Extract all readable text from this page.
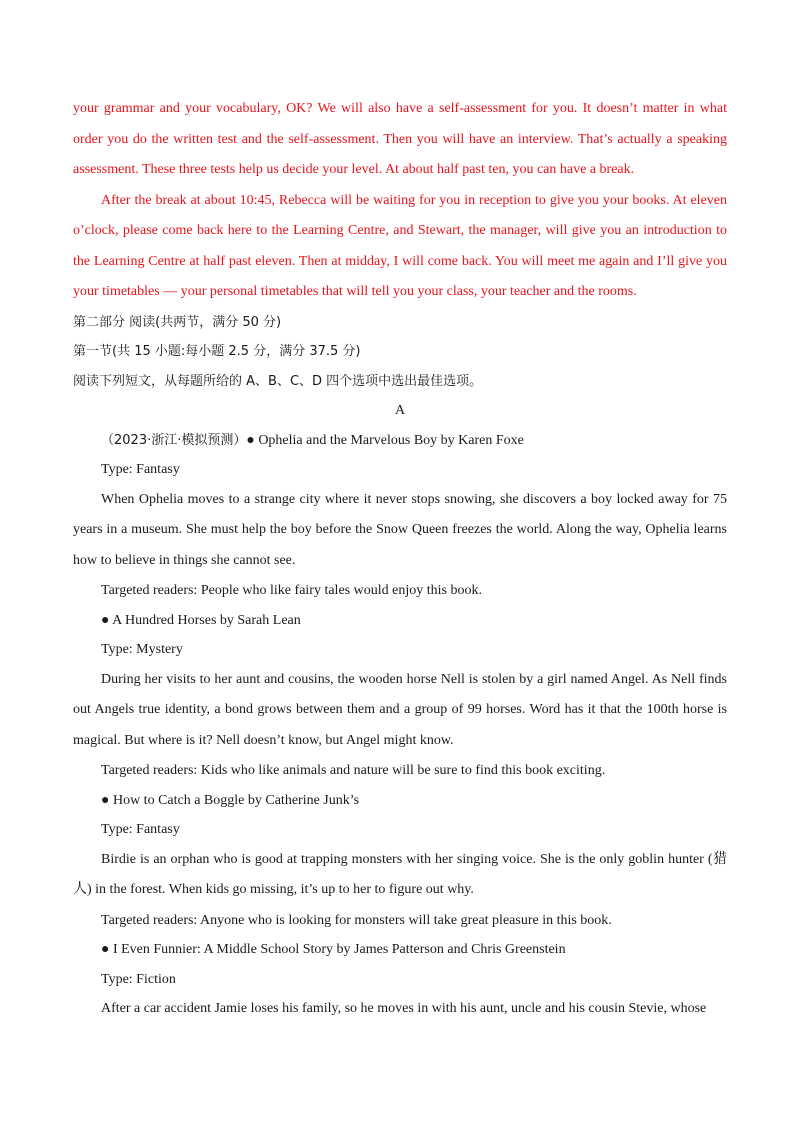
your grammar and your vocabulary, OK? We will also have a self-assessment for you. It doesn’t matter in what order you do the written test and the self-assessment. Then you will have an interview. That’s actually a speaking assessment. These three tests help us decide your level. At about half past ten, you can have a break.

After the break at about 10:45, Rebecca will be waiting for you in reception to give you your books. At eleven o’clock, please come back here to the Learning Centre, and Stewart, the manager, will give you an introduction to the Learning Centre at half past eleven. Then at midday, I will come back. You will meet me again and I’ll give you your timetables — your personal timetables that will tell you your class, your teacher and the rooms.

第二部分 阅读(共两节，满分 50 分)

第一节(共 15 小题:每小题 2.5 分，满分 37.5 分)

阅读下列短文，从每题所给的 A、B、C、D 四个选项中选出最佳选项。

A

（2023·浙江·模拟预测）● Ophelia and the Marvelous Boy by Karen Foxe

Type: Fantasy

When Ophelia moves to a strange city where it never stops snowing, she discovers a boy locked away for 75 years in a museum. She must help the boy before the Snow Queen freezes the world. Along the way, Ophelia learns how to believe in things she cannot see.

Targeted readers: People who like fairy tales would enjoy this book.

● A Hundred Horses by Sarah Lean

Type: Mystery

During her visits to her aunt and cousins, the wooden horse Nell is stolen by a girl named Angel. As Nell finds out Angels true identity, a bond grows between them and a group of 99 horses. Word has it that the 100th horse is magical. But where is it? Nell doesn’t know, but Angel might know.

Targeted readers: Kids who like animals and nature will be sure to find this book exciting.

● How to Catch a Boggle by Catherine Junk’s

Type: Fantasy

Birdie is an orphan who is good at trapping monsters with her singing voice. She is the only goblin hunter (猎人) in the forest. When kids go missing, it’s up to her to figure out why.

Targeted readers: Anyone who is looking for monsters will take great pleasure in this book.

● I Even Funnier: A Middle School Story by James Patterson and Chris Greenstein

Type: Fiction

After a car accident Jamie loses his family, so he moves in with his aunt, uncle and his cousin Stevie, whose
